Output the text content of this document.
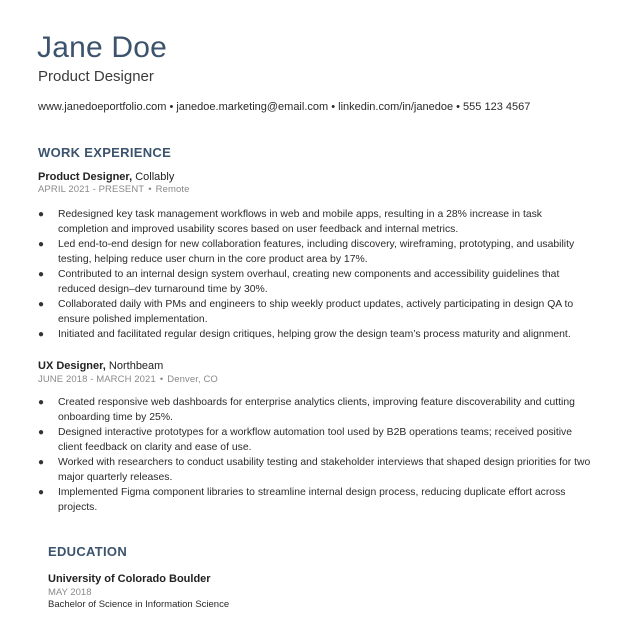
Jane Doe
Product Designer
www.janedoeportfolio.com • janedoe.marketing@email.com • linkedin.com/in/janedoe • 555 123 4567
WORK EXPERIENCE
Product Designer, Collably
APRIL 2021 - PRESENT • Remote
● Redesigned key task management workflows in web and mobile apps, resulting in a 28% increase in task completion and improved usability scores based on user feedback and internal metrics.
● Led end-to-end design for new collaboration features, including discovery, wireframing, prototyping, and usability testing, helping reduce user churn in the core product area by 17%.
● Contributed to an internal design system overhaul, creating new components and accessibility guidelines that reduced design–dev turnaround time by 30%.
● Collaborated daily with PMs and engineers to ship weekly product updates, actively participating in design QA to ensure polished implementation.
● Initiated and facilitated regular design critiques, helping grow the design team’s process maturity and alignment.
UX Designer, Northbeam
JUNE 2018 - MARCH 2021 • Denver, CO
● Created responsive web dashboards for enterprise analytics clients, improving feature discoverability and cutting onboarding time by 25%.
● Designed interactive prototypes for a workflow automation tool used by B2B operations teams; received positive client feedback on clarity and ease of use.
● Worked with researchers to conduct usability testing and stakeholder interviews that shaped design priorities for two major quarterly releases.
● Implemented Figma component libraries to streamline internal design process, reducing duplicate effort across projects.
EDUCATION
University of Colorado Boulder
MAY 2018
Bachelor of Science in Information Science
